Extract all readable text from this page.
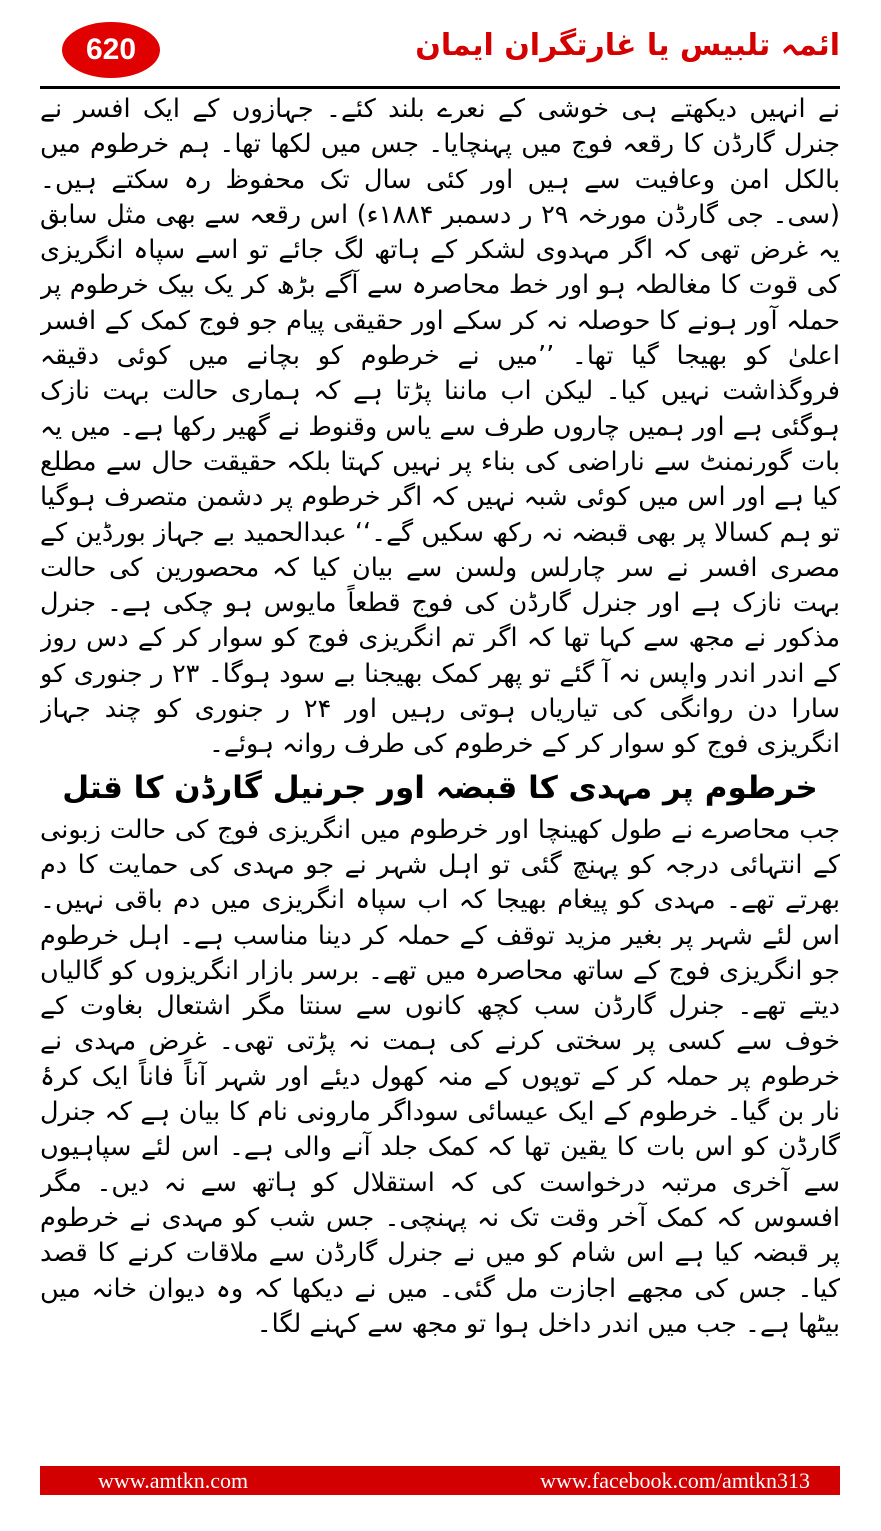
620	ائمہ تلبیس یا غارتگران ایمان

نے انہیں دیکھتے ہی خوشی کے نعرے بلند کئے۔ جہازوں کے ایک افسر نے جنرل گارڈن کا رقعہ فوج میں پہنچایا۔ جس میں لکھا تھا۔ ہم خرطوم میں بالکل امن وعافیت سے ہیں اور کئی سال تک محفوظ رہ سکتے ہیں۔ (سی۔ جی گارڈن مورخہ ۲۹ ر دسمبر ۱۸۸۴ء) اس رقعہ سے بھی مثل سابق یہ غرض تھی کہ اگر مہدوی لشکر کے ہاتھ لگ جائے تو اسے سپاہ انگریزی کی قوت کا مغالطہ ہو اور خط محاصرہ سے آگے بڑھ کر یک بیک خرطوم پر حملہ آور ہونے کا حوصلہ نہ کر سکے اور حقیقی پیام جو فوج کمک کے افسر اعلیٰ کو بھیجا گیا تھا۔ ’’میں نے خرطوم کو بچانے میں کوئی دقیقہ فروگذاشت نہیں کیا۔ لیکن اب ماننا پڑتا ہے کہ ہماری حالت بہت نازک ہوگئی ہے اور ہمیں چاروں طرف سے یاس وقنوط نے گھیر رکھا ہے۔ میں یہ بات گورنمنٹ سے ناراضی کی بناء پر نہیں کہتا بلکہ حقیقت حال سے مطلع کیا ہے اور اس میں کوئی شبہ نہیں کہ اگر خرطوم پر دشمن متصرف ہوگیا تو ہم کسالا پر بھی قبضہ نہ رکھ سکیں گے۔‘‘ عبدالحمید بے جہاز بورڈین کے مصری افسر نے سر چارلس ولسن سے بیان کیا کہ محصورین کی حالت بہت نازک ہے اور جنرل گارڈن کی فوج قطعاً مایوس ہو چکی ہے۔ جنرل مذکور نے مجھ سے کہا تھا کہ اگر تم انگریزی فوج کو سوار کر کے دس روز کے اندر اندر واپس نہ آ گئے تو پھر کمک بھیجنا بے سود ہوگا۔ ۲۳ ر جنوری کو سارا دن روانگی کی تیاریاں ہوتی رہیں اور ۲۴ ر جنوری کو چند جہاز انگریزی فوج کو سوار کر کے خرطوم کی طرف روانہ ہوئے۔

خرطوم پر مہدی کا قبضہ اور جرنیل گارڈن کا قتل

جب محاصرے نے طول کھینچا اور خرطوم میں انگریزی فوج کی حالت زبونی کے انتہائی درجہ کو پہنچ گئی تو اہل شہر نے جو مہدی کی حمایت کا دم بھرتے تھے۔ مہدی کو پیغام بھیجا کہ اب سپاہ انگریزی میں دم باقی نہیں۔ اس لئے شہر پر بغیر مزید توقف کے حملہ کر دینا مناسب ہے۔ اہل خرطوم جو انگریزی فوج کے ساتھ محاصرہ میں تھے۔ برسر بازار انگریزوں کو گالیاں دیتے تھے۔ جنرل گارڈن سب کچھ کانوں سے سنتا مگر اشتعال بغاوت کے خوف سے کسی پر سختی کرنے کی ہمت نہ پڑتی تھی۔ غرض مہدی نے خرطوم پر حملہ کر کے توپوں کے منہ کھول دیئے اور شہر آناً فاناً ایک کرۂ نار بن گیا۔ خرطوم کے ایک عیسائی سوداگر مارونی نام کا بیان ہے کہ جنرل گارڈن کو اس بات کا یقین تھا کہ کمک جلد آنے والی ہے۔ اس لئے سپاہیوں سے آخری مرتبہ درخواست کی کہ استقلال کو ہاتھ سے نہ دیں۔ مگر افسوس کہ کمک آخر وقت تک نہ پہنچی۔ جس شب کو مہدی نے خرطوم پر قبضہ کیا ہے اس شام کو میں نے جنرل گارڈن سے ملاقات کرنے کا قصد کیا۔ جس کی مجھے اجازت مل گئی۔ میں نے دیکھا کہ وہ دیوان خانہ میں بیٹھا ہے۔ جب میں اندر داخل ہوا تو مجھ سے کہنے لگا۔

www.amtkn.com	www.facebook.com/amtkn313
